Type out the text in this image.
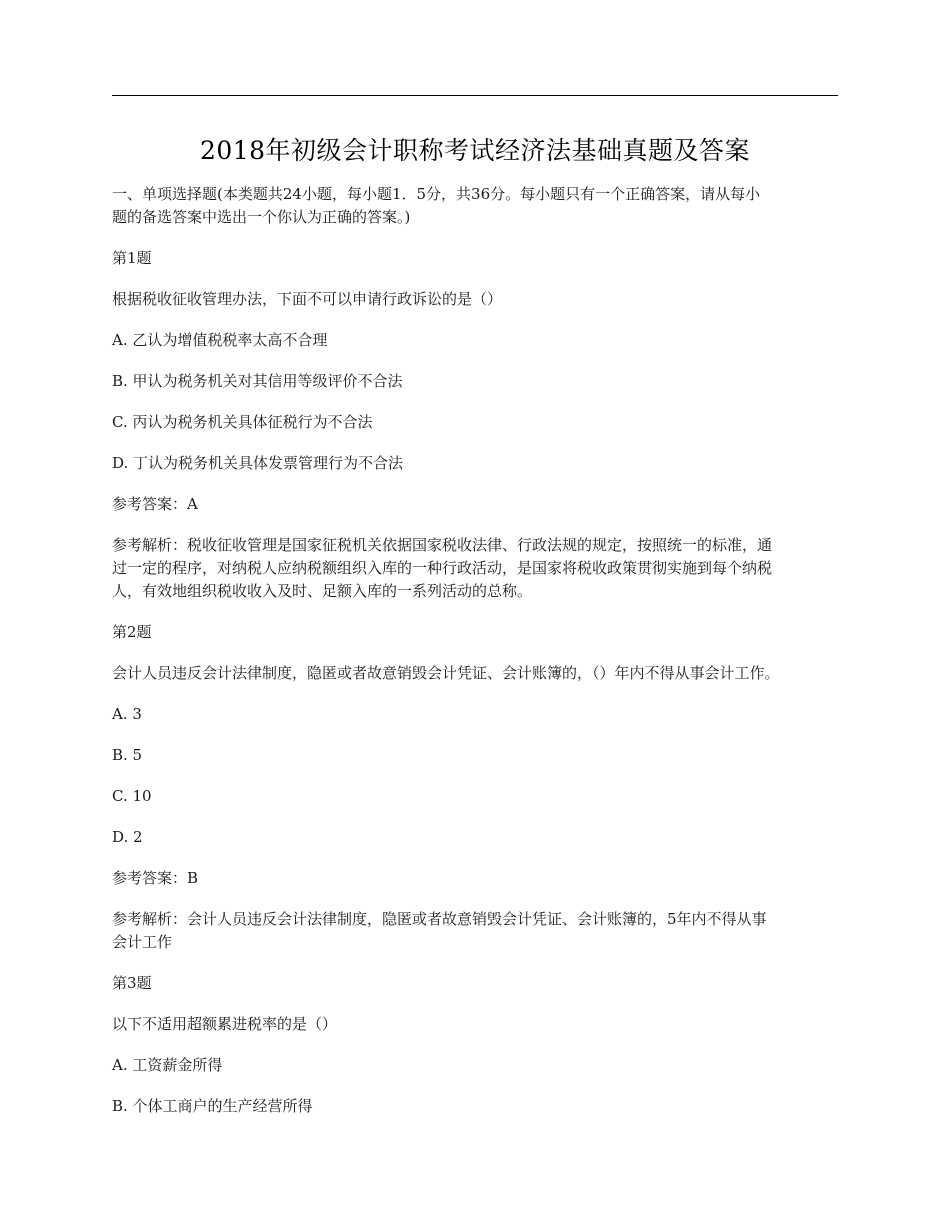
2018年初级会计职称考试经济法基础真题及答案
一、单项选择题(本类题共24小题，每小题1．5分，共36分。每小题只有一个正确答案，请从每小
题的备选答案中选出一个你认为正确的答案。)
第1题
根据税收征收管理办法，下面不可以申请行政诉讼的是（）
A. 乙认为增值税税率太高不合理
B. 甲认为税务机关对其信用等级评价不合法
C. 丙认为税务机关具体征税行为不合法
D. 丁认为税务机关具体发票管理行为不合法
参考答案：A
参考解析：税收征收管理是国家征税机关依据国家税收法律、行政法规的规定，按照统一的标准，通
过一定的程序，对纳税人应纳税额组织入库的一种行政活动，是国家将税收政策贯彻实施到每个纳税
人，有效地组织税收收入及时、足额入库的一系列活动的总称。
第2题
会计人员违反会计法律制度，隐匿或者故意销毁会计凭证、会计账簿的，（）年内不得从事会计工作。
A. 3
B. 5
C. 10
D. 2
参考答案：B
参考解析：会计人员违反会计法律制度，隐匿或者故意销毁会计凭证、会计账簿的，5年内不得从事
会计工作
第3题
以下不适用超额累进税率的是（）
A. 工资薪金所得
B. 个体工商户的生产经营所得
